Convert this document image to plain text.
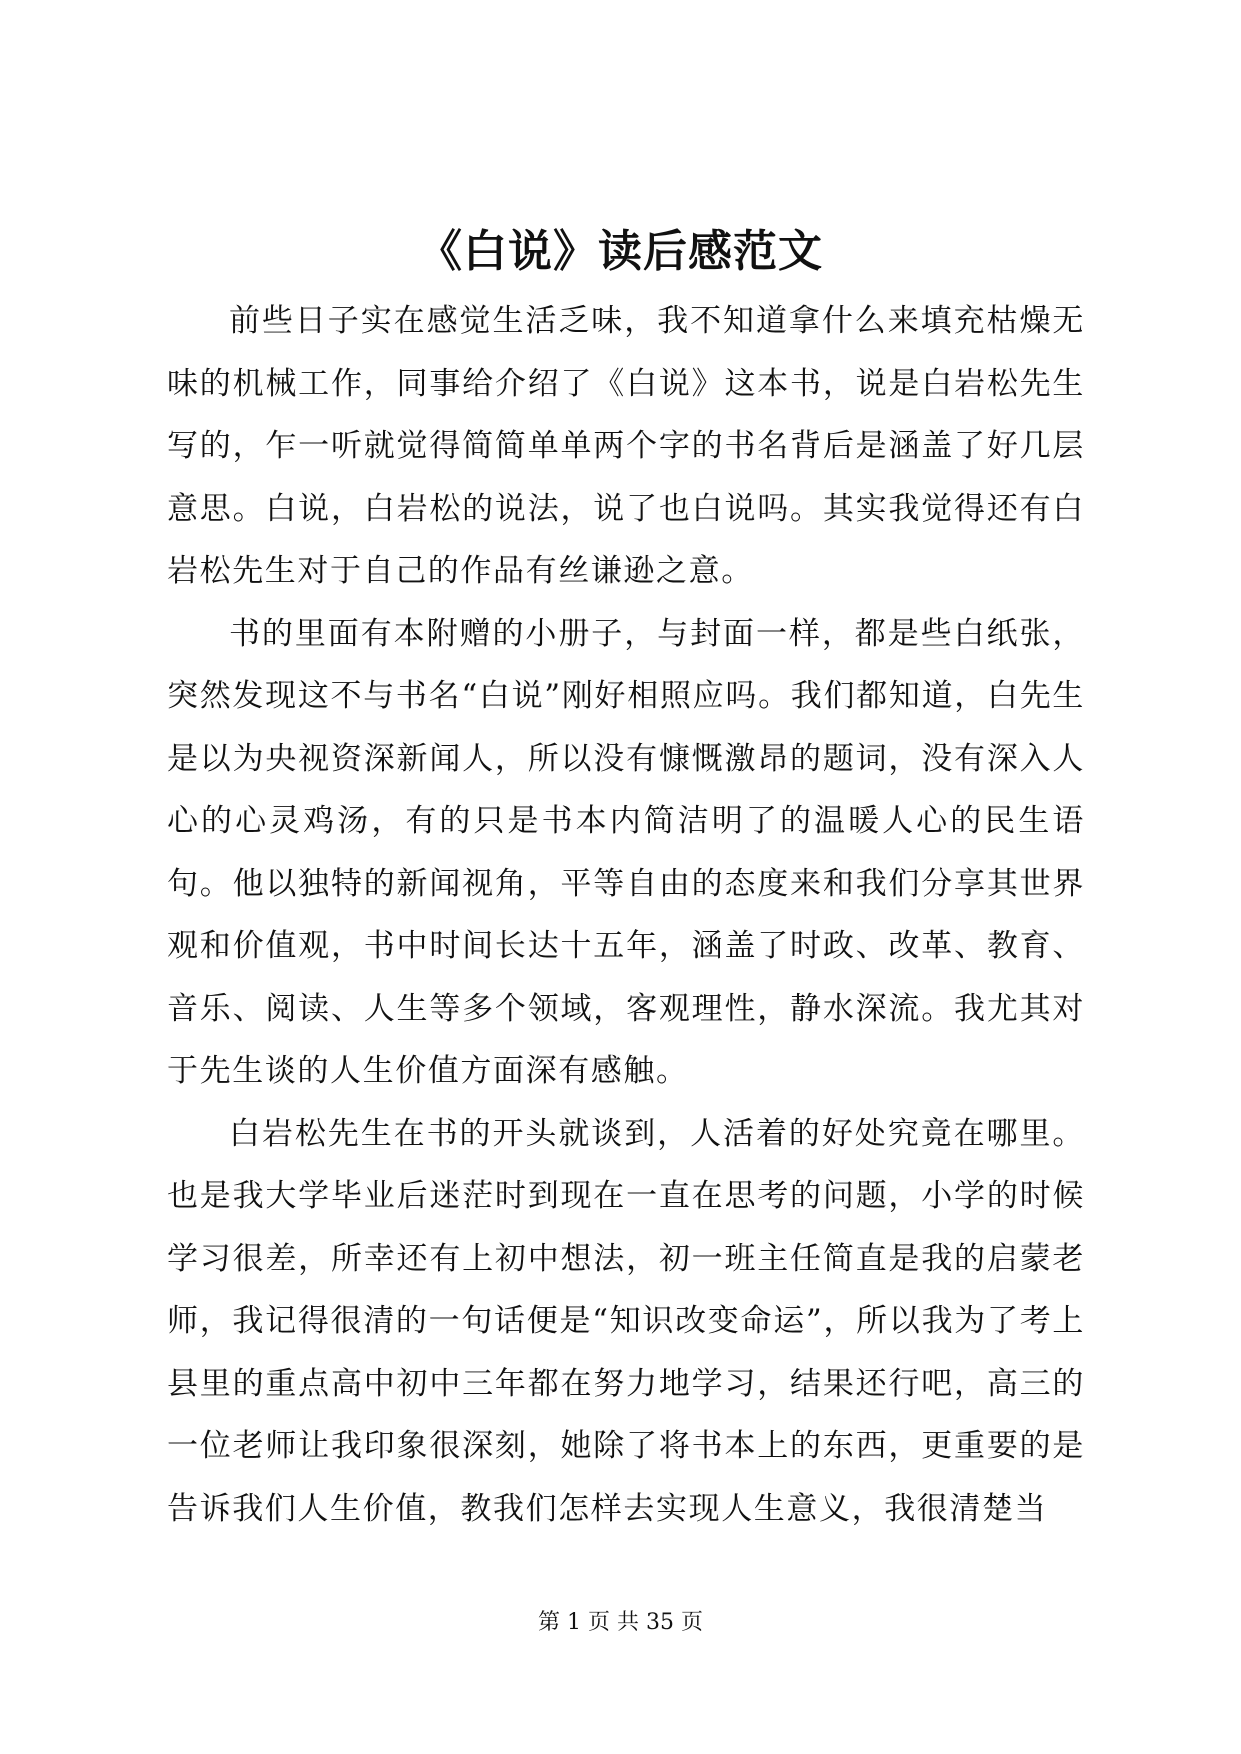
《白说》读后感范文

前些日子实在感觉生活乏味，我不知道拿什么来填充枯燥无味的机械工作，同事给介绍了《白说》这本书，说是白岩松先生写的，乍一听就觉得简简单单两个字的书名背后是涵盖了好几层意思。白说，白岩松的说法，说了也白说吗。其实我觉得还有白岩松先生对于自己的作品有丝谦逊之意。

书的里面有本附赠的小册子，与封面一样，都是些白纸张，突然发现这不与书名“白说”刚好相照应吗。我们都知道，白先生是以为央视资深新闻人，所以没有慷慨激昂的题词，没有深入人心的心灵鸡汤，有的只是书本内简洁明了的温暖人心的民生语句。他以独特的新闻视角，平等自由的态度来和我们分享其世界观和价值观，书中时间长达十五年，涵盖了时政、改革、教育、音乐、阅读、人生等多个领域，客观理性，静水深流。我尤其对于先生谈的人生价值方面深有感触。

白岩松先生在书的开头就谈到，人活着的好处究竟在哪里。也是我大学毕业后迷茫时到现在一直在思考的问题，小学的时候学习很差，所幸还有上初中想法，初一班主任简直是我的启蒙老师，我记得很清的一句话便是“知识改变命运”，所以我为了考上县里的重点高中初中三年都在努力地学习，结果还行吧，高三的一位老师让我印象很深刻，她除了将书本上的东西，更重要的是告诉我们人生价值，教我们怎样去实现人生意义，我很清楚当

第 1 页 共 35 页
